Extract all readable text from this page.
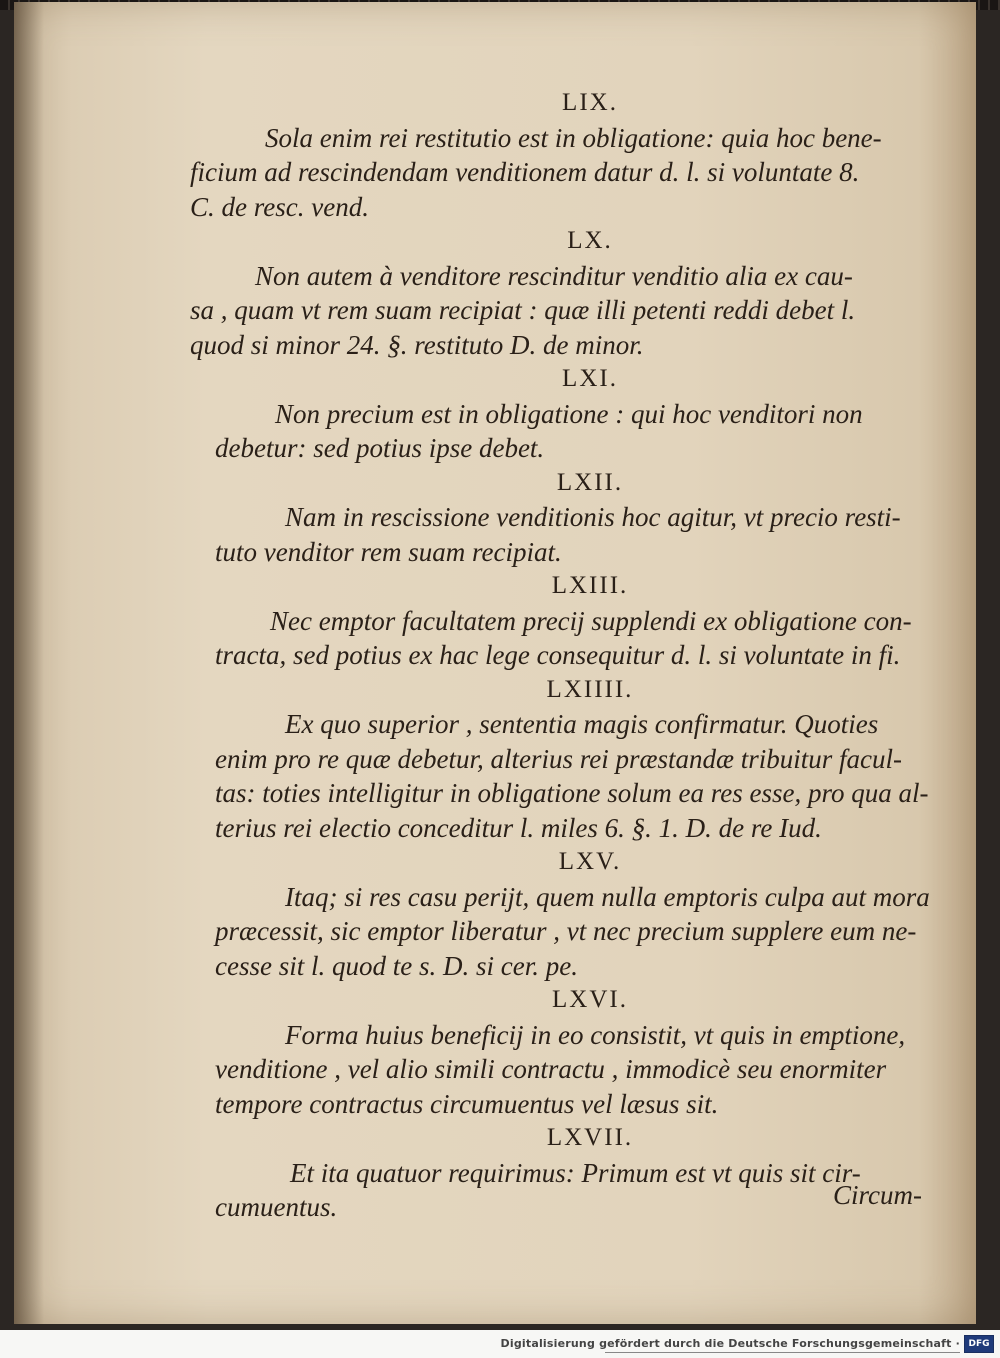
LIX.

Sola enim rei restitutio est in obligatione: quia hoc bene-

ficium ad rescindendam venditionem datur d. l. si voluntate 8.

C. de resc. vend.

LX.

Non autem à venditore rescinditur venditio alia ex cau-

sa , quam vt rem suam recipiat : quæ illi petenti reddi debet l.

quod si minor 24. §. restituto D. de minor.

LXI.

Non precium est in obligatione : qui hoc venditori non

debetur: sed potius ipse debet.

LXII.

Nam in rescissione venditionis hoc agitur, vt precio resti-

tuto venditor rem suam recipiat.

LXIII.

Nec emptor facultatem precij supplendi ex obligatione con-

tracta, sed potius ex hac lege consequitur d. l. si voluntate in fi.

LXIIII.

Ex quo superior , sententia magis confirmatur. Quoties

enim pro re quæ debetur, alterius rei præstandæ tribuitur facul-

tas: toties intelligitur in obligatione solum ea res esse, pro qua al-

terius rei electio conceditur l. miles 6. §. 1. D. de re Iud.

LXV.

Itaq; si res casu perijt, quem nulla emptoris culpa aut mora

præcessit, sic emptor liberatur , vt nec precium supplere eum ne-

cesse sit l. quod te s. D. si cer. pe.

LXVI.

Forma huius beneficij in eo consistit, vt quis in emptione,

venditione , vel alio simili contractu , immodicè seu enormiter

tempore contractus circumuentus vel læsus sit.

LXVII.

Et ita quatuor requirimus: Primum est vt quis sit cir-

cumuentus.	Circum-
Digitalisierung gefördert durch die Deutsche Forschungsgemeinschaft · DFG
